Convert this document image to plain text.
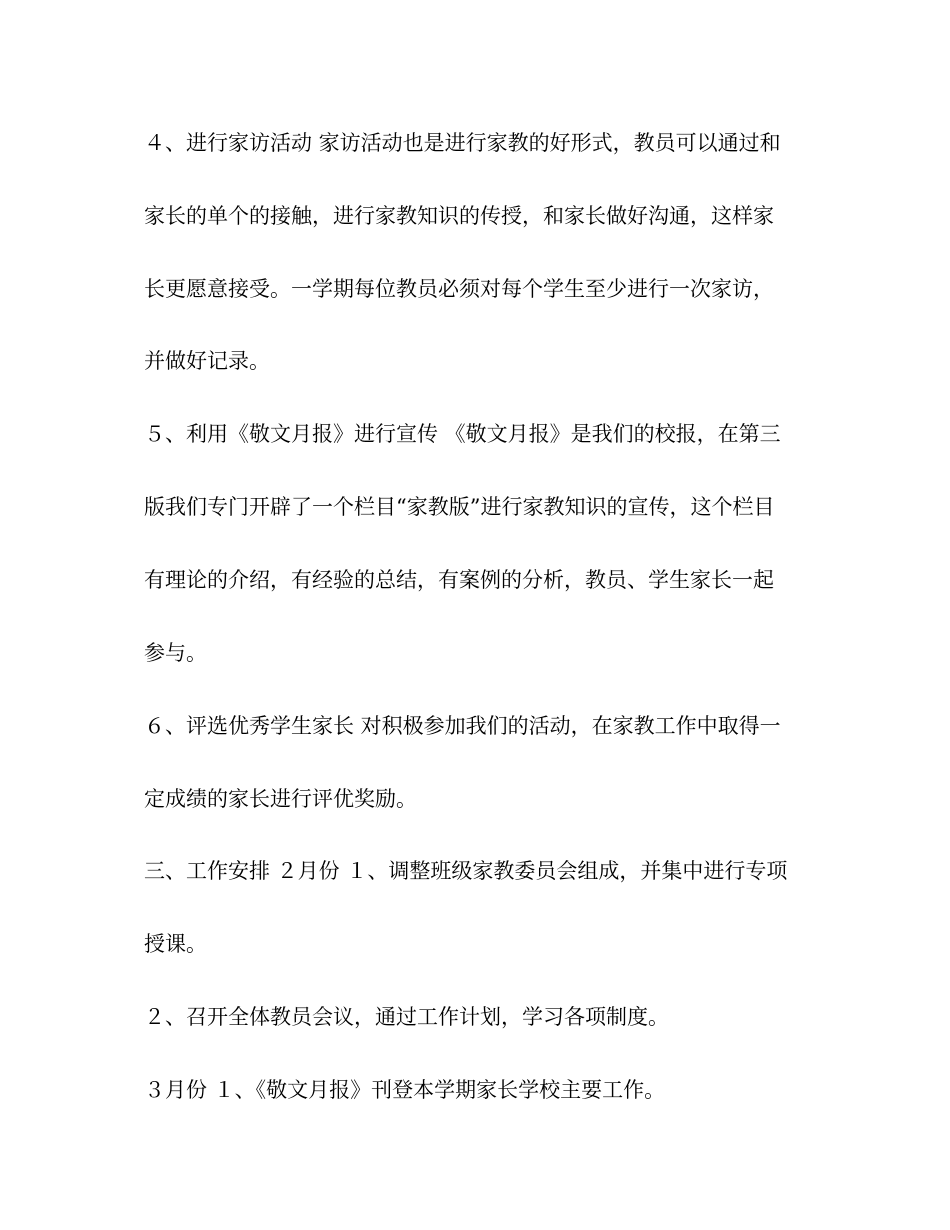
４、进行家访活动 家访活动也是进行家教的好形式，教员可以通过和

家长的单个的接触，进行家教知识的传授，和家长做好沟通，这样家

长更愿意接受。一学期每位教员必须对每个学生至少进行一次家访，

并做好记录。

５、利用《敬文月报》进行宣传 《敬文月报》是我们的校报，在第三

版我们专门开辟了一个栏目“家教版”进行家教知识的宣传，这个栏目

有理论的介绍，有经验的总结，有案例的分析，教员、学生家长一起

参与。

６、评选优秀学生家长 对积极参加我们的活动，在家教工作中取得一

定成绩的家长进行评优奖励。

三、工作安排 ２月份 １、调整班级家教委员会组成，并集中进行专项

授课。

２、召开全体教员会议，通过工作计划，学习各项制度。

３月份 １、《敬文月报》刊登本学期家长学校主要工作。
